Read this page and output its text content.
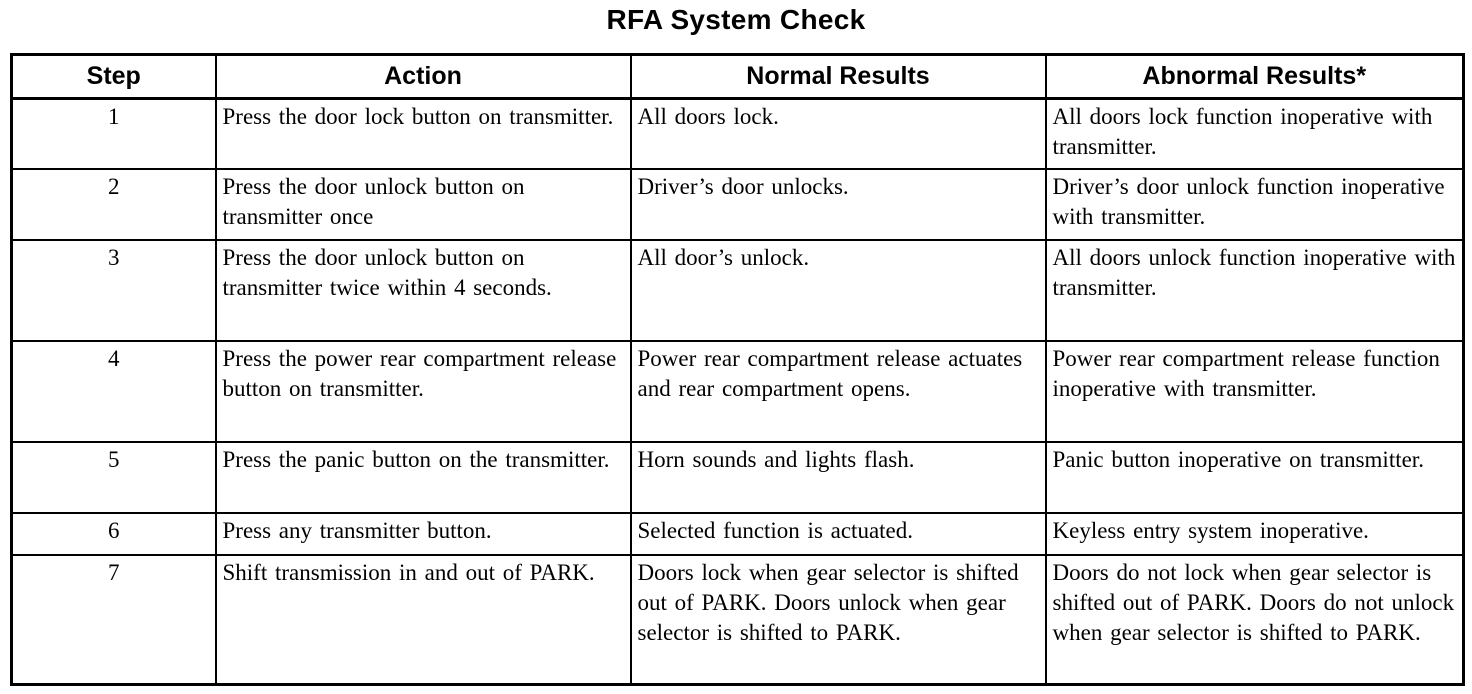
RFA System Check
Step	Action	Normal Results	Abnormal Results*
1	Press the door lock button on transmitter.	All doors lock.	All doors lock function inoperative with transmitter.
2	Press the door unlock button on transmitter once	Driver’s door unlocks.	Driver’s door unlock function inoperative with transmitter.
3	Press the door unlock button on transmitter twice within 4 seconds.	All door’s unlock.	All doors unlock function inoperative with transmitter.
4	Press the power rear compartment release button on transmitter.	Power rear compartment release actuates and rear compartment opens.	Power rear compartment release function inoperative with transmitter.
5	Press the panic button on the transmitter.	Horn sounds and lights flash.	Panic button inoperative on transmitter.
6	Press any transmitter button.	Selected function is actuated.	Keyless entry system inoperative.
7	Shift transmission in and out of PARK.	Doors lock when gear selector is shifted out of PARK. Doors unlock when gear selector is shifted to PARK.	Doors do not lock when gear selector is shifted out of PARK. Doors do not unlock when gear selector is shifted to PARK.
